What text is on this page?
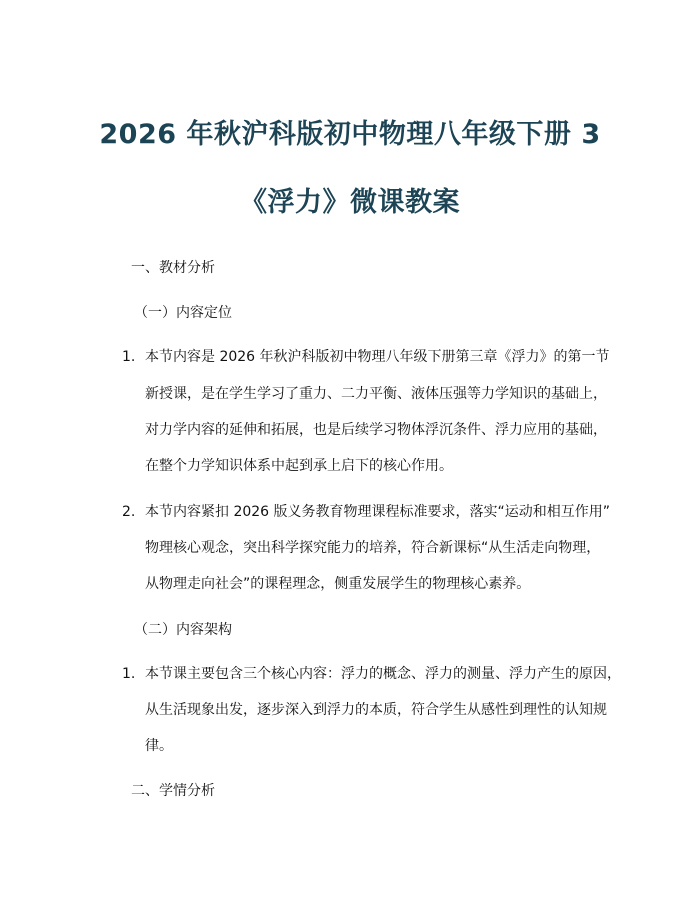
2026 年秋沪科版初中物理八年级下册 3
《浮力》微课教案
一、教材分析
（一）内容定位
1. 本节内容是 2026 年秋沪科版初中物理八年级下册第三章《浮力》的第一节
新授课，是在学生学习了重力、二力平衡、液体压强等力学知识的基础上，
对力学内容的延伸和拓展，也是后续学习物体浮沉条件、浮力应用的基础，
在整个力学知识体系中起到承上启下的核心作用。
2. 本节内容紧扣 2026 版义务教育物理课程标准要求，落实“运动和相互作用”
物理核心观念，突出科学探究能力的培养，符合新课标“从生活走向物理，
从物理走向社会”的课程理念，侧重发展学生的物理核心素养。
（二）内容架构
1. 本节课主要包含三个核心内容：浮力的概念、浮力的测量、浮力产生的原因，
从生活现象出发，逐步深入到浮力的本质，符合学生从感性到理性的认知规
律。
二、学情分析
